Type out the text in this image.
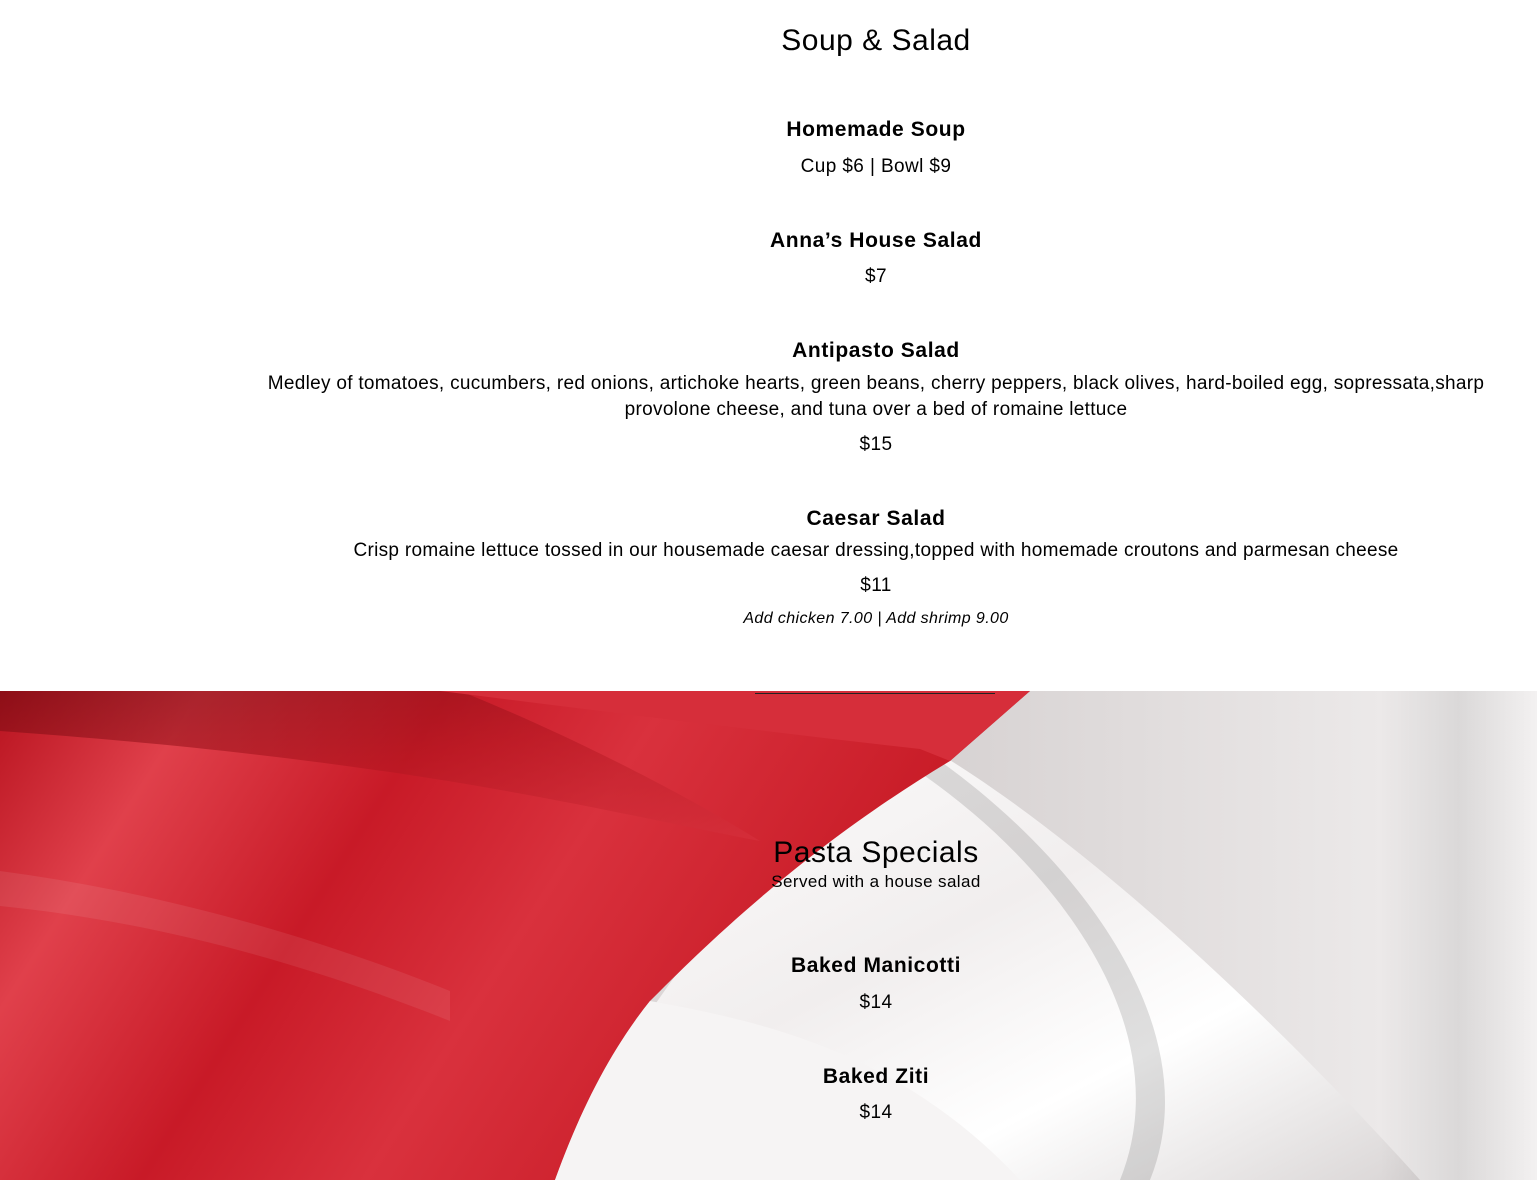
Soup & Salad

Homemade Soup

Cup $6 | Bowl $9

Anna’s House Salad

$7

Antipasto Salad

Medley of tomatoes, cucumbers, red onions, artichoke hearts, green beans, cherry peppers, black olives, hard-boiled egg, sopressata,sharp provolone cheese, and tuna over a bed of romaine lettuce

$15

Caesar Salad

Crisp romaine lettuce tossed in our housemade caesar dressing,topped with homemade croutons and parmesan cheese

$11

Add chicken 7.00 | Add shrimp 9.00

Pasta Specials

Served with a house salad

Baked Manicotti

$14

Baked Ziti

$14
